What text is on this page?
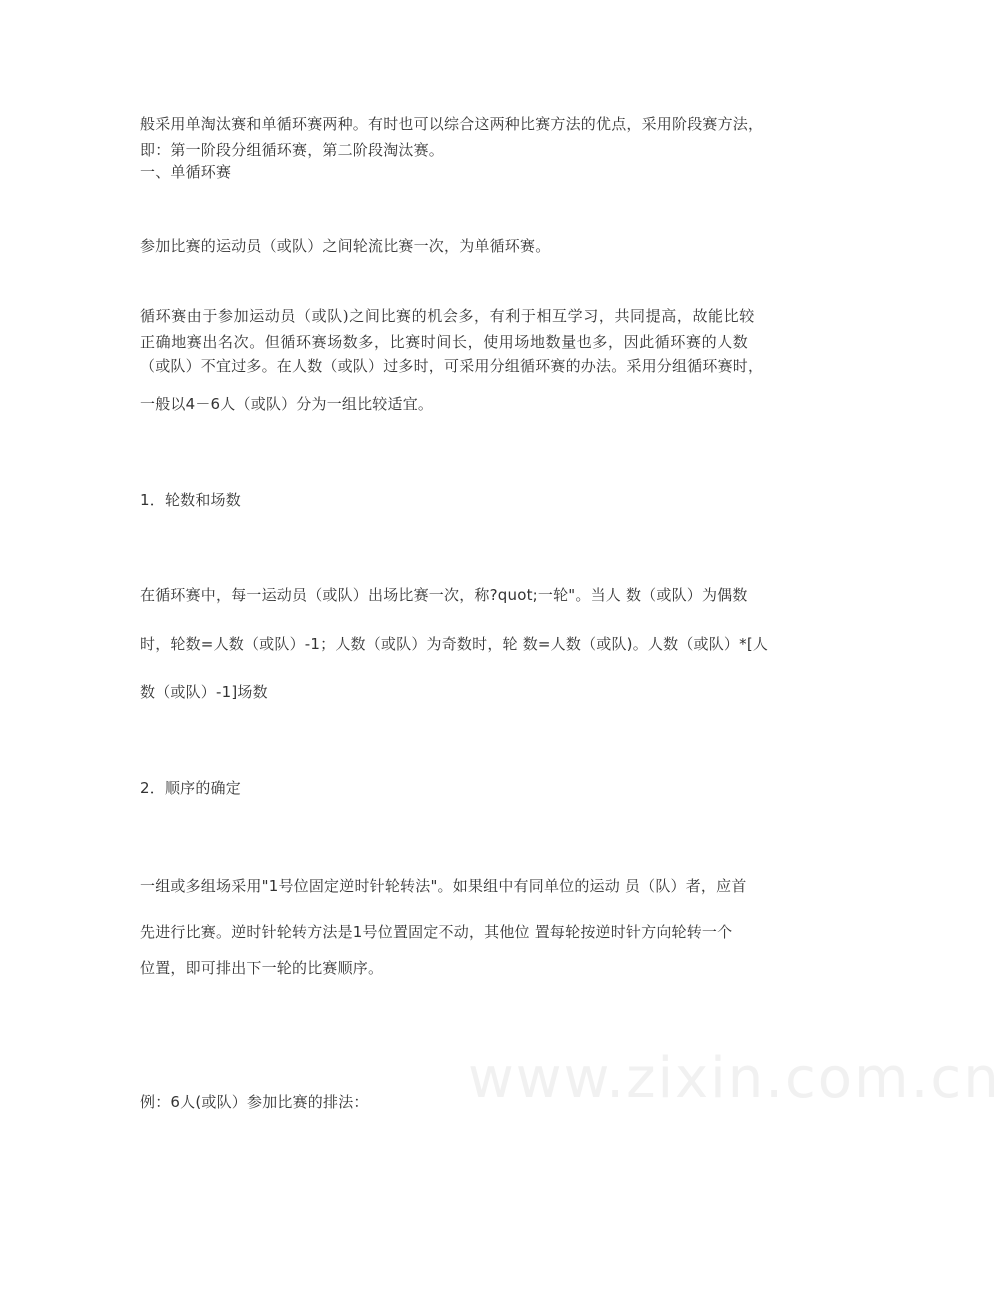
www.zixin.com.cn
般采用单淘汰赛和单循环赛两种。有时也可以综合这两种比赛方法的优点，采用阶段赛方法，
即：第一阶段分组循环赛，第二阶段淘汰赛。
一、单循环赛
参加比赛的运动员（或队）之间轮流比赛一次，为单循环赛。
循环赛由于参加运动员（或队)之间比赛的机会多，有利于相互学习，共同提高，故能比较
正确地赛出名次。但循环赛场数多，比赛时间长，使用场地数量也多，因此循环赛的人数
（或队）不宜过多。在人数（或队）过多时，可采用分组循环赛的办法。采用分组循环赛时，
一般以4－6人（或队）分为一组比较适宜。
1．轮数和场数
在循环赛中，每一运动员（或队）出场比赛一次，称?quot;一轮"。当人 数（或队）为偶数
时，轮数=人数（或队）-1；人数（或队）为奇数时，轮 数=人数（或队)。人数（或队）*[人
数（或队）-1]场数
2．顺序的确定
一组或多组场采用"1号位固定逆时针轮转法"。如果组中有同单位的运动 员（队）者，应首
先进行比赛。逆时针轮转方法是1号位置固定不动，其他位 置每轮按逆时针方向轮转一个
位置，即可排出下一轮的比赛顺序。
例：6人(或队）参加比赛的排法：
